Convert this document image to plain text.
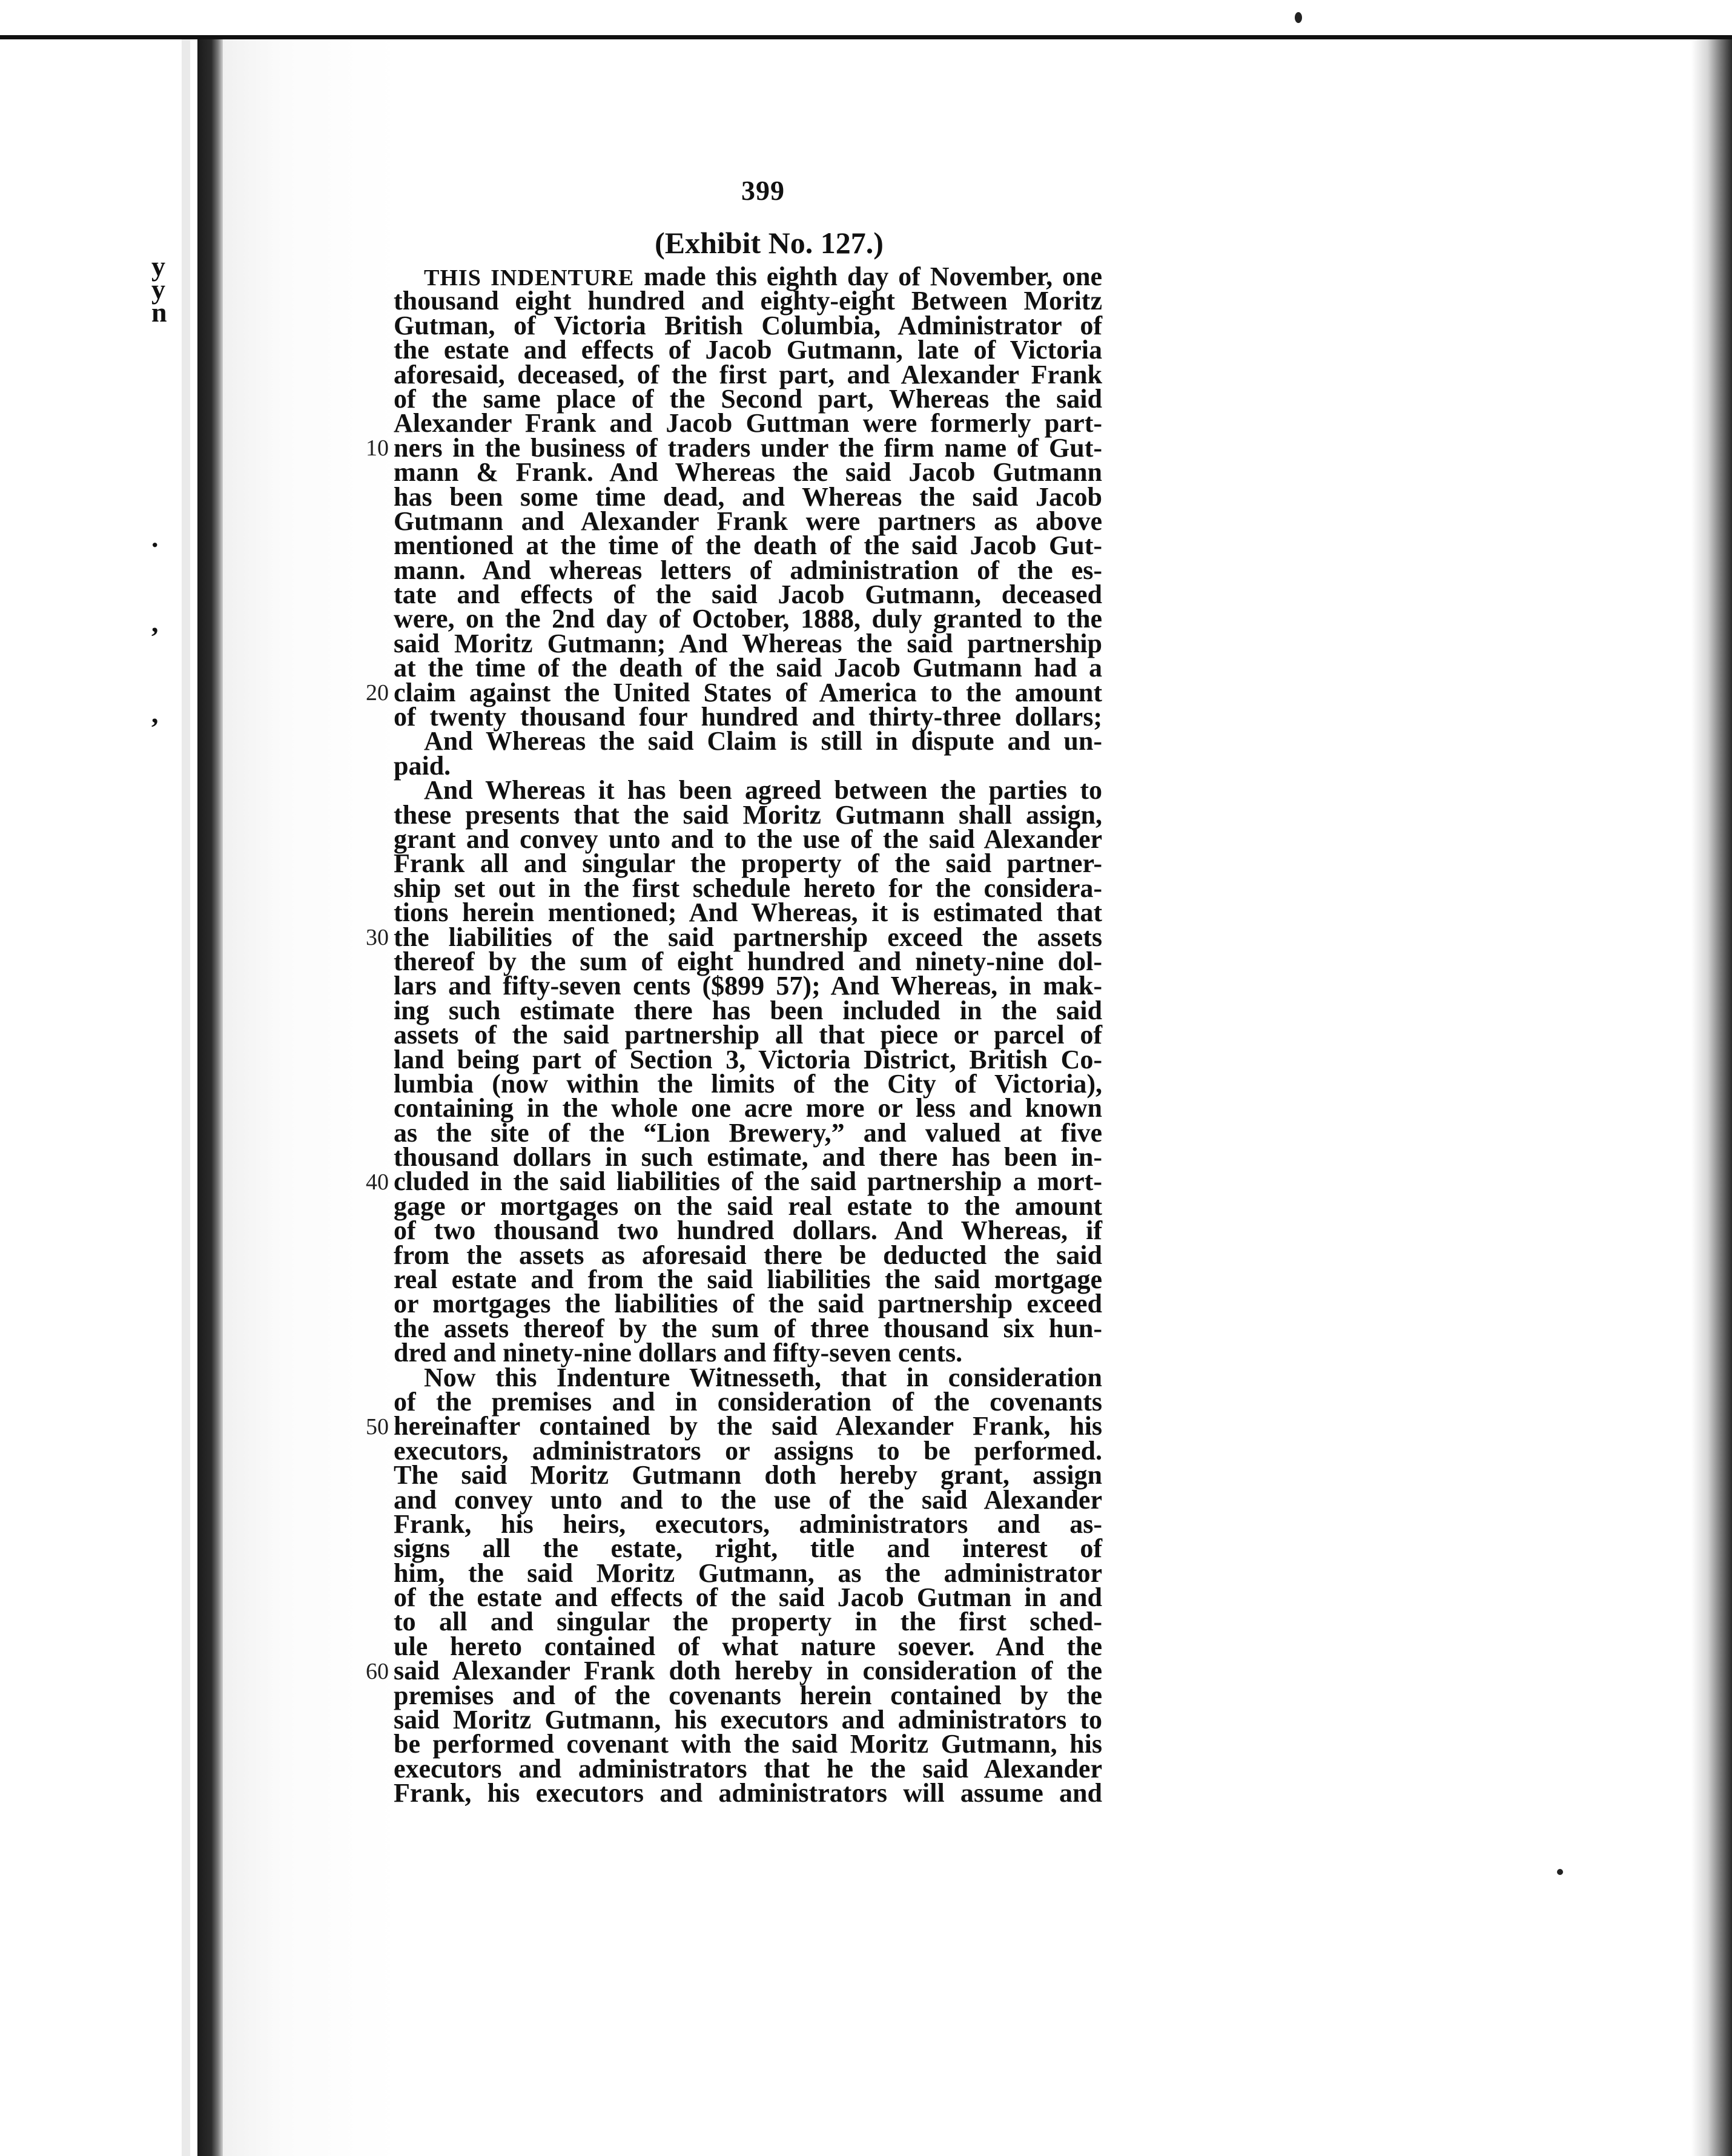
y
y
n
.
,
,
399
(Exhibit No. 127.)
THIS INDENTURE made this eighth day of November, one
thousand eight hundred and eighty-eight Between Moritz
Gutman, of Victoria British Columbia, Administrator of
the estate and effects of Jacob Gutmann, late of Victoria
aforesaid, deceased, of the first part, and Alexander Frank
of the same place of the Second part, Whereas the said
Alexander Frank and Jacob Guttman were formerly part-
ners in the business of traders under the firm name of Gut-
mann & Frank. And Whereas the said Jacob Gutmann
has been some time dead, and Whereas the said Jacob
Gutmann and Alexander Frank were partners as above
mentioned at the time of the death of the said Jacob Gut-
mann. And whereas letters of administration of the es-
tate and effects of the said Jacob Gutmann, deceased
were, on the 2nd day of October, 1888, duly granted to the
said Moritz Gutmann; And Whereas the said partnership
at the time of the death of the said Jacob Gutmann had a
claim against the United States of America to the amount
of twenty thousand four hundred and thirty-three dollars;
And Whereas the said Claim is still in dispute and un-
paid.
And Whereas it has been agreed between the parties to
these presents that the said Moritz Gutmann shall assign,
grant and convey unto and to the use of the said Alexander
Frank all and singular the property of the said partner-
ship set out in the first schedule hereto for the considera-
tions herein mentioned; And Whereas, it is estimated that
the liabilities of the said partnership exceed the assets
thereof by the sum of eight hundred and ninety-nine dol-
lars and fifty-seven cents ($899 57); And Whereas, in mak-
ing such estimate there has been included in the said
assets of the said partnership all that piece or parcel of
land being part of Section 3, Victoria District, British Co-
lumbia (now within the limits of the City of Victoria),
containing in the whole one acre more or less and known
as the site of the “Lion Brewery,” and valued at five
thousand dollars in such estimate, and there has been in-
cluded in the said liabilities of the said partnership a mort-
gage or mortgages on the said real estate to the amount
of two thousand two hundred dollars. And Whereas, if
from the assets as aforesaid there be deducted the said
real estate and from the said liabilities the said mortgage
or mortgages the liabilities of the said partnership exceed
the assets thereof by the sum of three thousand six hun-
dred and ninety-nine dollars and fifty-seven cents.
Now this Indenture Witnesseth, that in consideration
of the premises and in consideration of the covenants
hereinafter contained by the said Alexander Frank, his
executors, administrators or assigns to be performed.
The said Moritz Gutmann doth hereby grant, assign
and convey unto and to the use of the said Alexander
Frank, his heirs, executors, administrators and as-
signs all the estate, right, title and interest of
him, the said Moritz Gutmann, as the administrator
of the estate and effects of the said Jacob Gutman in and
to all and singular the property in the first sched-
ule hereto contained of what nature soever. And the
said Alexander Frank doth hereby in consideration of the
premises and of the covenants herein contained by the
said Moritz Gutmann, his executors and administrators to
be performed covenant with the said Moritz Gutmann, his
executors and administrators that he the said Alexander
Frank, his executors and administrators will assume and
10
20
30
40
50
60
